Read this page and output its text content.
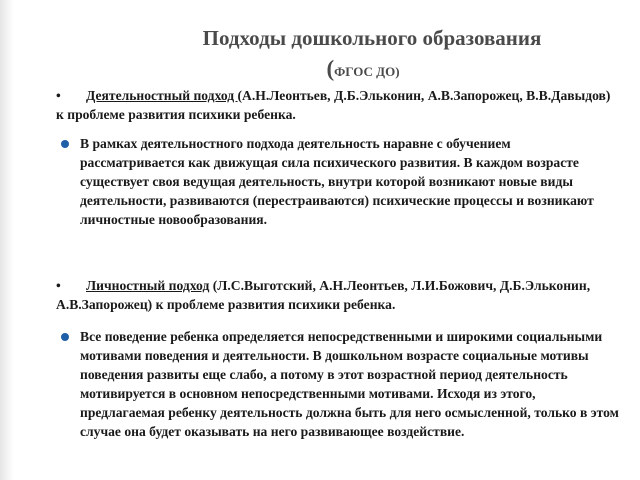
Подходы дошкольного образования
(ФГОС ДО)
• Деятельностный подход (А.Н.Леонтьев, Д.Б.Эльконин, А.В.Запорожец, В.В.Давыдов) к проблеме развития психики ребенка.
В рамках деятельностного подхода деятельность наравне с обучением рассматривается как движущая сила психического развития. В каждом возрасте существует своя ведущая деятельность, внутри которой возникают новые виды деятельности, развиваются (перестраиваются) психические процессы и возникают личностные новообразования.
• Личностный подход (Л.С.Выготский, А.Н.Леонтьев, Л.И.Божович, Д.Б.Эльконин, А.В.Запорожец) к проблеме развития психики ребенка.
Все поведение ребенка определяется непосредственными и широкими социальными мотивами поведения и деятельности. В дошкольном возрасте социальные мотивы поведения развиты еще слабо, а потому в этот возрастной период деятельность мотивируется в основном непосредственными мотивами. Исходя из этого, предлагаемая ребенку деятельность должна быть для него осмысленной, только в этом случае она будет оказывать на него развивающее воздействие.
